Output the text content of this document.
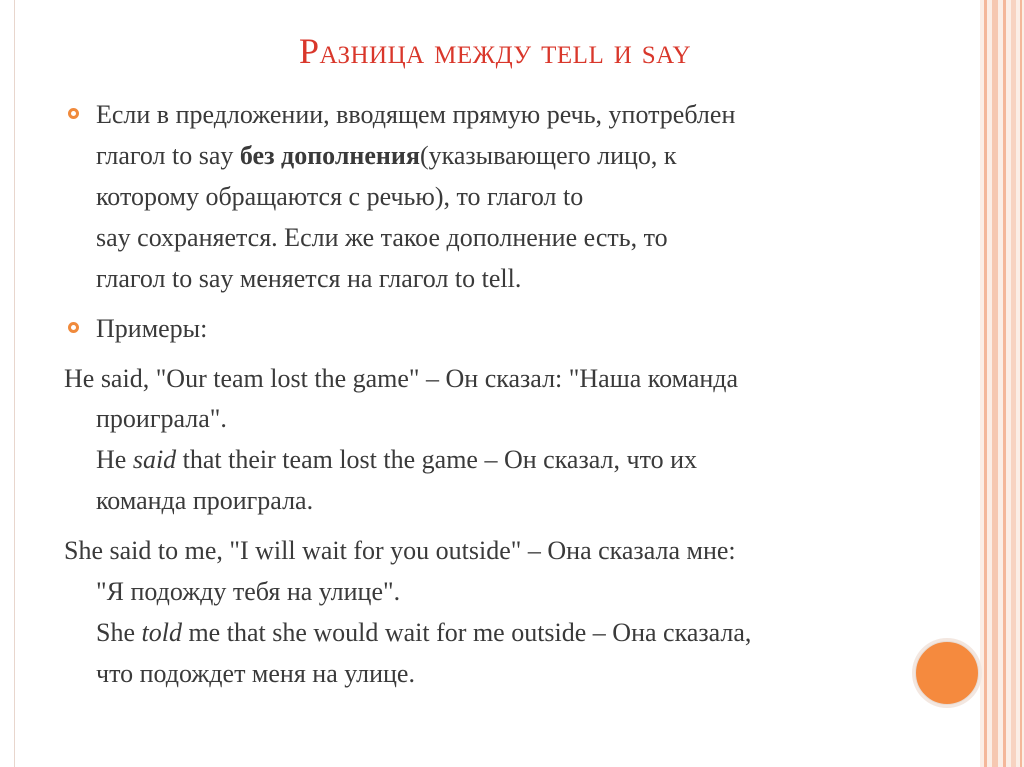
Разница между tell и say
Если в предложении, вводящем прямую речь, употреблен
глагол to say без дополнения(указывающего лицо, к
которому обращаются с речью), то глагол to
say сохраняется. Если же такое дополнение есть, то
глагол to say меняется на глагол to tell.
Примеры:
He said, "Our team lost the game" – Он сказал: "Наша команда
проиграла".
He said that their team lost the game – Он сказал, что их
команда проиграла.
She said to me, "I will wait for you outside" – Она сказала мне:
"Я подожду тебя на улице".
She told me that she would wait for me outside – Она сказала,
что подождет меня на улице.
